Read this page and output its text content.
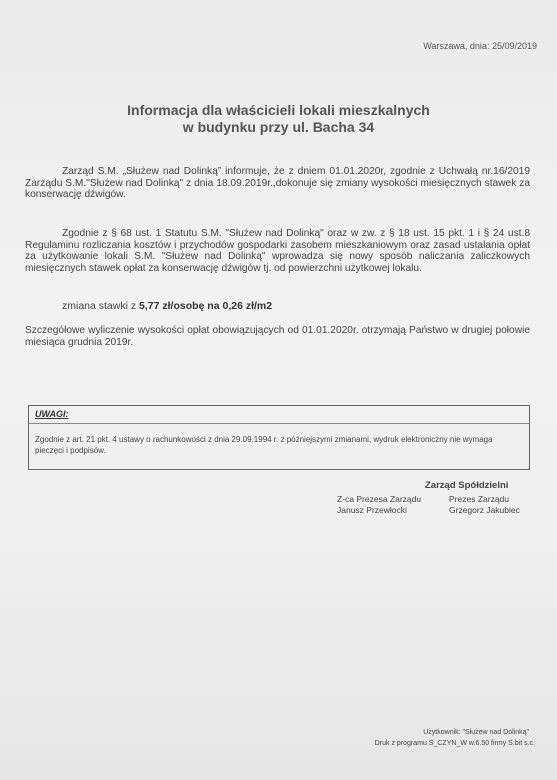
Warszawa, dnia: 25/09/2019
Informacja dla właścicieli lokali mieszkalnych
w budynku przy ul. Bacha 34
Zarząd S.M. „Służew nad Dolinką” informuje, że z dniem 01.01.2020r, zgodnie z Uchwałą nr.16/2019 Zarządu S.M."Służew nad Dolinką" z dnia 18.09.2019r.,dokonuje się zmiany wysokości miesięcznych stawek za konserwację dźwigów.
Zgodnie z § 68 ust. 1 Statutu S.M. "Służew nad Dolinką" oraz w zw. z § 18 ust. 15 pkt. 1 i § 24 ust.8 Regulaminu rozliczania kosztów i przychodów gospodarki zasobem mieszkaniowym oraz zasad ustalania opłat za użytkowanie lokali S.M. "Służew nad Dolinką" wprowadza się nowy sposób naliczania zaliczkowych miesięcznych stawek opłat za konserwację dźwigów tj. od powierzchni użytkowej lokalu.
zmiana stawki z 5,77 zł/osobę na 0,26 zł/m2
Szczegółowe wyliczenie wysokości opłat obowiązujących od 01.01.2020r. otrzymają Państwo w drugiej połowie miesiąca grudnia 2019r.
UWAGI:
Zgodnie z art. 21 pkt. 4 ustawy o rachunkowości z dnia 29.09.1994 r. z późniejszymi zmianami, wydruk elektroniczny nie wymaga pieczęci i podpisów.
Zarząd Spółdzielni
Z-ca Prezesa Zarządu
Janusz Przewłocki
Prezes Zarządu
Grzegorz Jakubiec
Użytkownik: "Służew nad Dolinką"
Druk z programu S_CZYN_W w.6.50 firmy S.bit s.c.
